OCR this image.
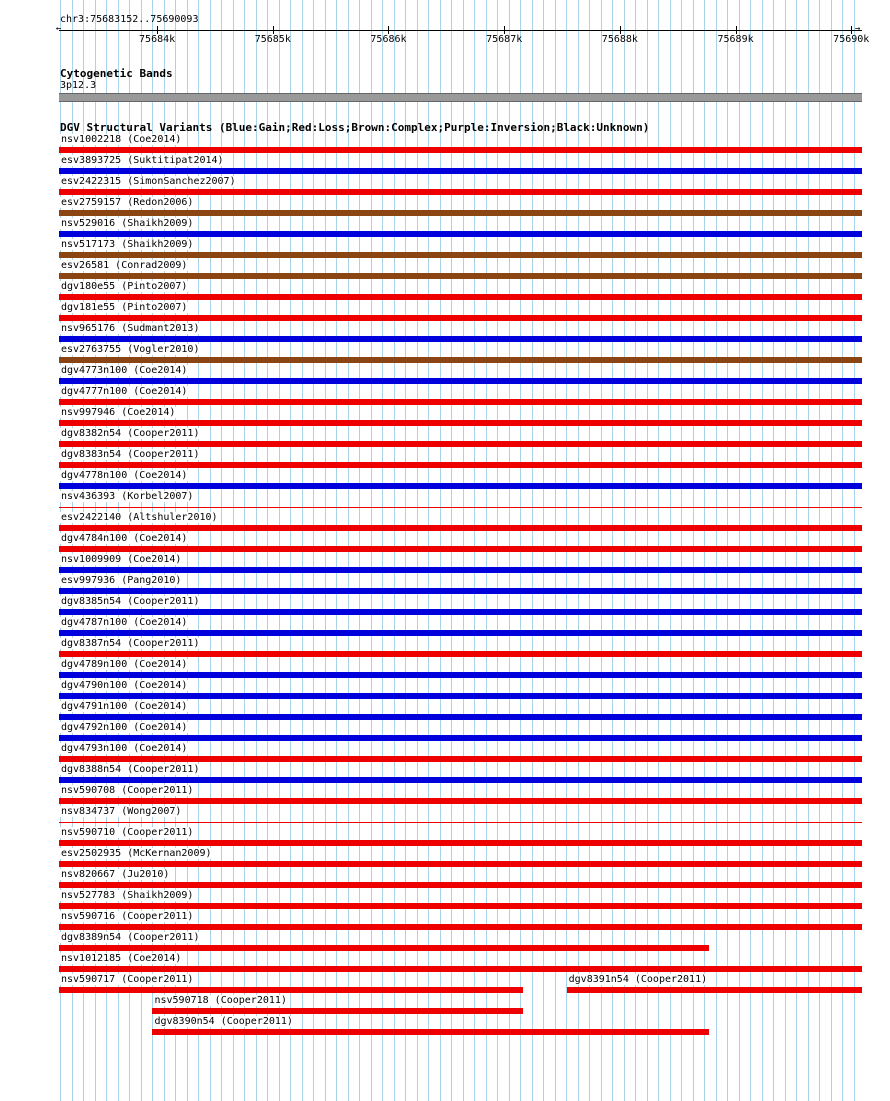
chr3:75683152..75690093
←	→
75684k	75685k	75686k	75687k	75688k	75689k	75690k
Cytogenetic Bands
3p12.3
DGV Structural Variants (Blue:Gain;Red:Loss;Brown:Complex;Purple:Inversion;Black:Unknown)
nsv1002218 (Coe2014)
esv3893725 (Suktitipat2014)
esv2422315 (SimonSanchez2007)
esv2759157 (Redon2006)
nsv529016 (Shaikh2009)
nsv517173 (Shaikh2009)
esv26581 (Conrad2009)
dgv180e55 (Pinto2007)
dgv181e55 (Pinto2007)
nsv965176 (Sudmant2013)
esv2763755 (Vogler2010)
dgv4773n100 (Coe2014)
dgv4777n100 (Coe2014)
nsv997946 (Coe2014)
dgv8382n54 (Cooper2011)
dgv8383n54 (Cooper2011)
dgv4778n100 (Coe2014)
nsv436393 (Korbel2007)
esv2422140 (Altshuler2010)
dgv4784n100 (Coe2014)
nsv1009909 (Coe2014)
esv997936 (Pang2010)
dgv8385n54 (Cooper2011)
dgv4787n100 (Coe2014)
dgv8387n54 (Cooper2011)
dgv4789n100 (Coe2014)
dgv4790n100 (Coe2014)
dgv4791n100 (Coe2014)
dgv4792n100 (Coe2014)
dgv4793n100 (Coe2014)
dgv8388n54 (Cooper2011)
nsv590708 (Cooper2011)
nsv834737 (Wong2007)
nsv590710 (Cooper2011)
esv2502935 (McKernan2009)
nsv820667 (Ju2010)
nsv527783 (Shaikh2009)
nsv590716 (Cooper2011)
dgv8389n54 (Cooper2011)
nsv1012185 (Coe2014)
nsv590717 (Cooper2011)	dgv8391n54 (Cooper2011)
nsv590718 (Cooper2011)
dgv8390n54 (Cooper2011)
